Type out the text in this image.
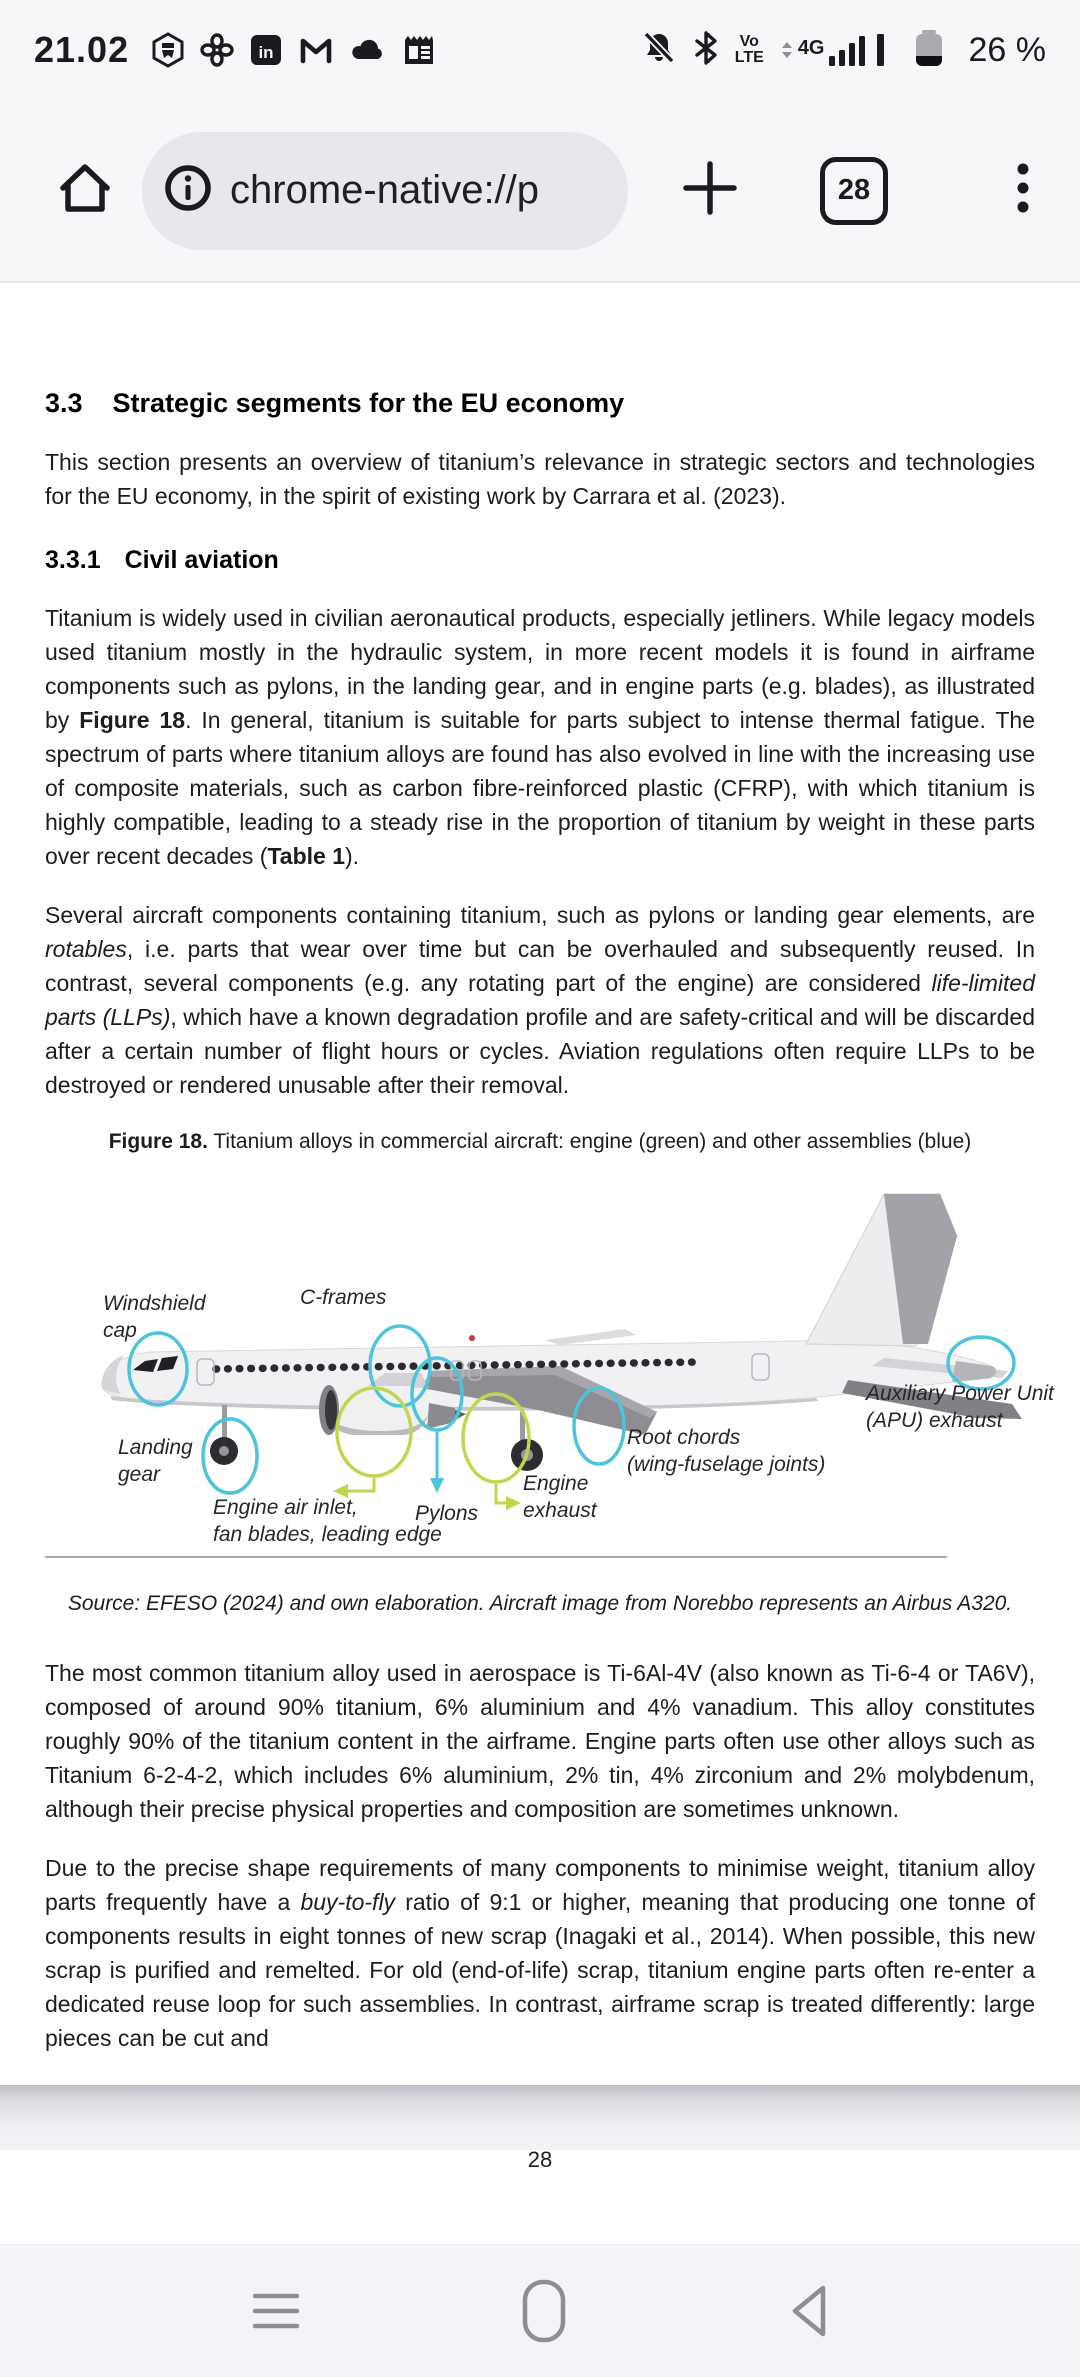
21.02	in
Vo
LTE 4G	26 %
chrome-native://p	28
3.3 Strategic segments for the EU economy

This section presents an overview of titanium’s relevance in strategic sectors and technologies for the EU economy, in the spirit of existing work by Carrara et al. (2023).

3.3.1 Civil aviation

Titanium is widely used in civilian aeronautical products, especially jetliners. While legacy models used titanium mostly in the hydraulic system, in more recent models it is found in airframe components such as pylons, in the landing gear, and in engine parts (e.g. blades), as illustrated by Figure 18. In general, titanium is suitable for parts subject to intense thermal fatigue. The spectrum of parts where titanium alloys are found has also evolved in line with the increasing use of composite materials, such as carbon fibre-reinforced plastic (CFRP), with which titanium is highly compatible, leading to a steady rise in the proportion of titanium by weight in these parts over recent decades (Table 1).

Several aircraft components containing titanium, such as pylons or landing gear elements, are rotables, i.e. parts that wear over time but can be overhauled and subsequently reused. In contrast, several components (e.g. any rotating part of the engine) are considered life-limited parts (LLPs), which have a known degradation profile and are safety-critical and will be discarded after a certain number of flight hours or cycles. Aviation regulations often require LLPs to be destroyed or rendered unusable after their removal.

Figure 18. Titanium alloys in commercial aircraft: engine (green) and other assemblies (blue)
Windshield
cap
C-frames
Landing
gear
Engine air inlet,
fan blades, leading edge
Pylons
Engine
exhaust
Root chords
(wing-fuselage joints)
Auxiliary Power Unit
(APU) exhaust
Source: EFESO (2024) and own elaboration. Aircraft image from Norebbo represents an Airbus A320.

The most common titanium alloy used in aerospace is Ti-6Al-4V (also known as Ti-6-4 or TA6V), composed of around 90% titanium, 6% aluminium and 4% vanadium. This alloy constitutes roughly 90% of the titanium content in the airframe. Engine parts often use other alloys such as Titanium 6-2-4-2, which includes 6% aluminium, 2% tin, 4% zirconium and 2% molybdenum, although their precise physical properties and composition are sometimes unknown.

Due to the precise shape requirements of many components to minimise weight, titanium alloy parts frequently have a buy-to-fly ratio of 9:1 or higher, meaning that producing one tonne of components results in eight tonnes of new scrap (Inagaki et al., 2014). When possible, this new scrap is purified and remelted. For old (end-of-life) scrap, titanium engine parts often re-enter a dedicated reuse loop for such assemblies. In contrast, airframe scrap is treated differently: large pieces can be cut and

28
